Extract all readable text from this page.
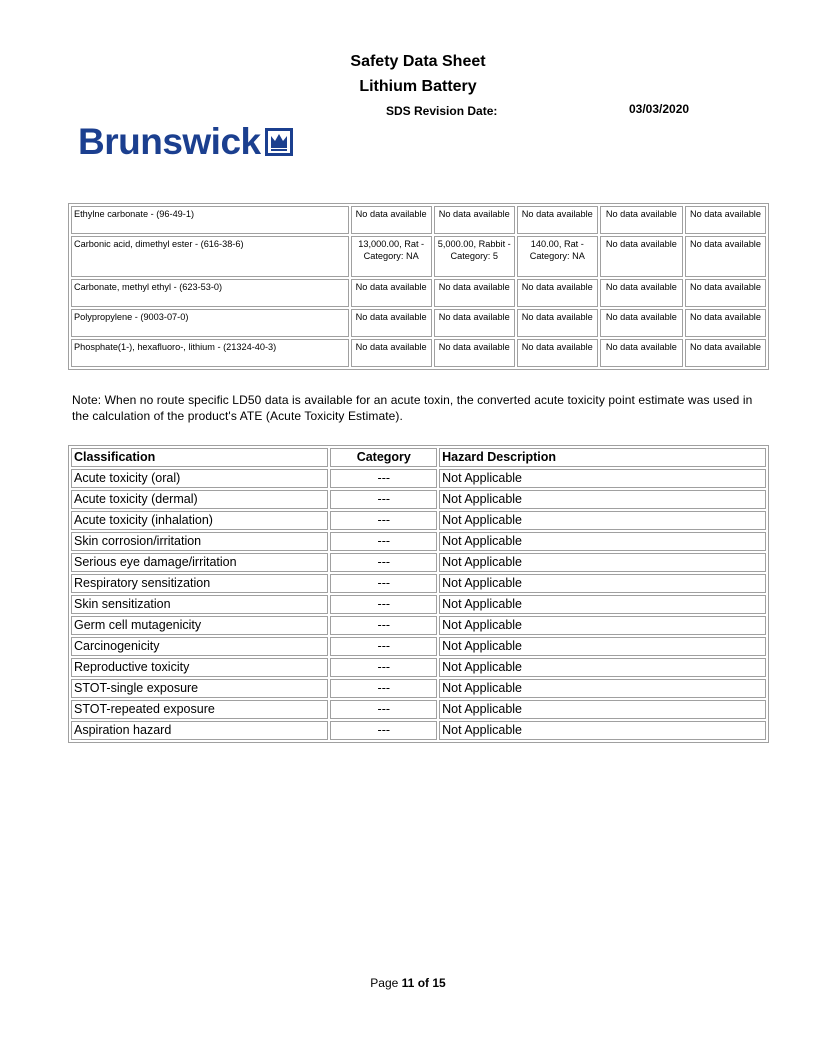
Safety Data Sheet
Lithium Battery
SDS Revision Date:	03/03/2020
Brunswick
Ethylne carbonate - (96-49-1)	No data available	No data available	No data available	No data available	No data available
Carbonic acid, dimethyl ester - (616-38-6)	13,000.00, Rat - Category: NA	5,000.00, Rabbit - Category: 5	140.00, Rat - Category: NA	No data available	No data available
Carbonate, methyl ethyl - (623-53-0)	No data available	No data available	No data available	No data available	No data available
Polypropylene - (9003-07-0)	No data available	No data available	No data available	No data available	No data available
Phosphate(1-), hexafluoro-, lithium - (21324-40-3)	No data available	No data available	No data available	No data available	No data available
Note: When no route specific LD50 data is available for an acute toxin, the converted acute toxicity point estimate was used in the calculation of the product's ATE (Acute Toxicity Estimate).
Classification	Category	Hazard Description
Acute toxicity (oral)	---	Not Applicable
Acute toxicity (dermal)	---	Not Applicable
Acute toxicity (inhalation)	---	Not Applicable
Skin corrosion/irritation	---	Not Applicable
Serious eye damage/irritation	---	Not Applicable
Respiratory sensitization	---	Not Applicable
Skin sensitization	---	Not Applicable
Germ cell mutagenicity	---	Not Applicable
Carcinogenicity	---	Not Applicable
Reproductive toxicity	---	Not Applicable
STOT-single exposure	---	Not Applicable
STOT-repeated exposure	---	Not Applicable
Aspiration hazard	---	Not Applicable
Page 11 of 15
